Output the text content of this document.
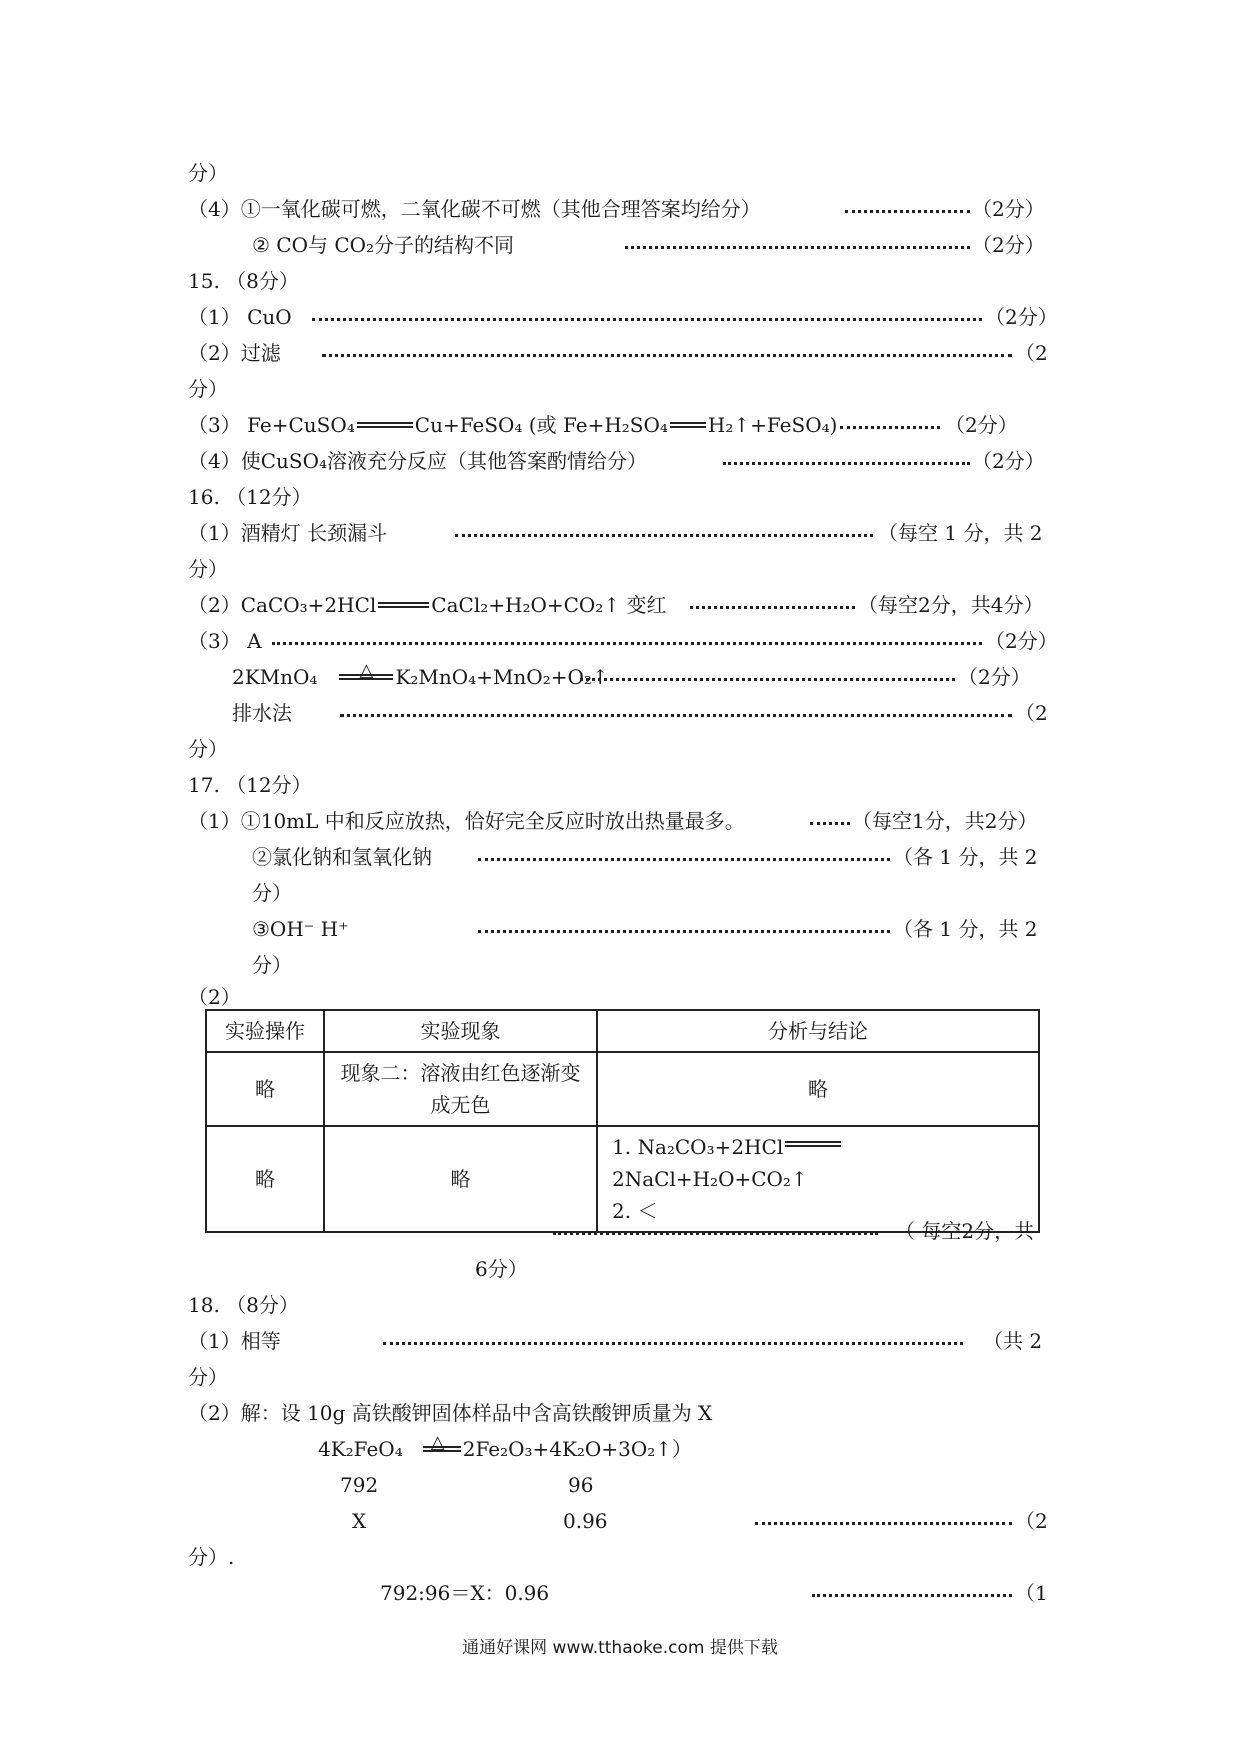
分）
（4）①一氧化碳可燃，二氧化碳不可燃（其他合理答案均给分）	（2分）
② CO与 CO₂分子的结构不同	（2分）
15. （8分）
（1） CuO	（2分）
（2）过滤	（2
分）
（3） Fe+CuSO₄	Cu+FeSO₄ (或 Fe+H₂SO₄ H₂↑+FeSO₄)	（2分）
（4）使CuSO₄溶液充分反应（其他答案酌情给分）	（2分）
16. （12分）
（1）酒精灯 长颈漏斗	（每空 1 分，共 2
分）
（2）CaCO₃+2HCl	CaCl₂+H₂O+CO₂↑ 变红	（每空2分，共4分）
（3） A	（2分）
2KMnO₄ △ K₂MnO₄+MnO₂+O₂↑	（2分）
排水法	（2
分）
17. （12分）
（1）①10mL 中和反应放热，恰好完全反应时放出热量最多。	（每空1分，共2分）
②氯化钠和氢氧化钠	（各 1 分，共 2
分）
③OH⁻ H⁺	（各 1 分，共 2
分）
（2）
实验操作	实验现象	分析与结论
略	现象二：溶液由红色逐渐变成无色	略
略	略	1. Na₂CO₃+2HCl2NaCl+H₂O+CO₂↑
2. ＜
（ 每空2分，共
6分）
18. （8分）
（1）相等	（共 2
分）
（2）解：设 10g 高铁酸钾固体样品中含高铁酸钾质量为 X
4K₂FeO₄ △ 2Fe₂O₃+4K₂O+3O₂↑）
792	96
X	0.96	（2
分）.
792:96＝X：0.96	（1
通通好课网 www.tthaoke.com 提供下载
